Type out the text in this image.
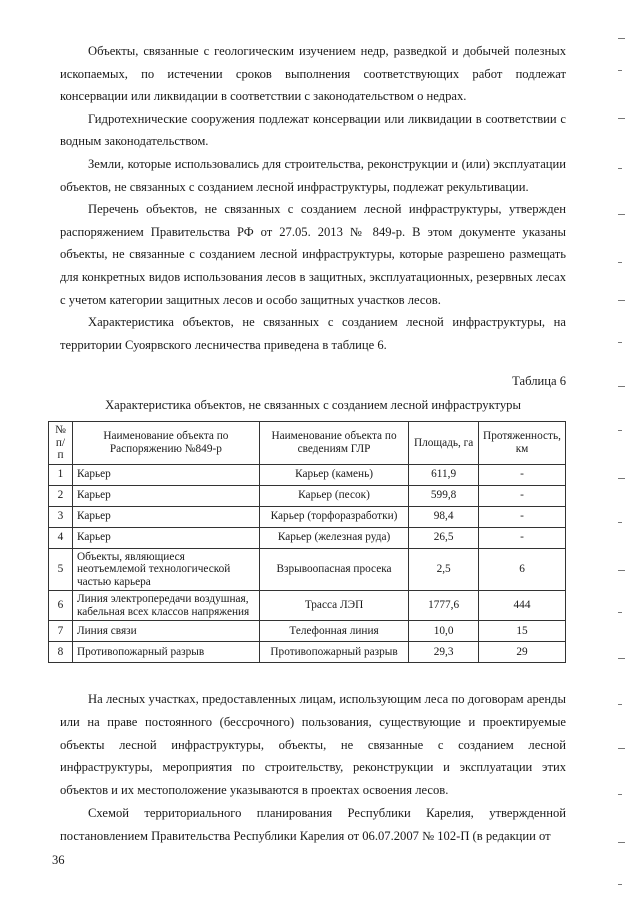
Объекты, связанные с геологическим изучением недр, разведкой и добычей полезных ископаемых, по истечении сроков выполнения соответствующих работ подлежат консервации или ликвидации в соответствии с законодательством о недрах.

Гидротехнические сооружения подлежат консервации или ликвидации в соответствии с водным законодательством.

Земли, которые использовались для строительства, реконструкции и (или) эксплуатации объектов, не связанных с созданием лесной инфраструктуры, подлежат рекультивации.

Перечень объектов, не связанных с созданием лесной инфраструктуры, утвержден распоряжением Правительства РФ от 27.05. 2013 № 849-р. В этом документе указаны объекты, не связанные с созданием лесной инфраструктуры, которые разрешено размещать для конкретных видов использования лесов в защитных, эксплуатационных, резервных лесах с учетом категории защитных лесов и особо защитных участков лесов.

Характеристика объектов, не связанных с созданием лесной инфраструктуры, на территории Суоярвского лесничества приведена в таблице 6.

Таблица 6
Характеристика объектов, не связанных с созданием лесной инфраструктуры
№ п/п	Наименование объекта по Распоряжению №849-р	Наименование объекта по сведениям ГЛР	Площадь, га	Протяженность, км
1	Карьер	Карьер (камень)	611,9	-
2	Карьер	Карьер (песок)	599,8	-
3	Карьер	Карьер (торфоразработки)	98,4	-
4	Карьер	Карьер (железная руда)	26,5	-
5	Объекты, являющиеся неотъемлемой технологической частью карьера	Взрывоопасная просека	2,5	6
6	Линия электропередачи воздушная, кабельная всех классов напряжения	Трасса ЛЭП	1777,6	444
7	Линия связи	Телефонная линия	10,0	15
8	Противопожарный разрыв	Противопожарный разрыв	29,3	29

На лесных участках, предоставленных лицам, использующим леса по договорам аренды или на праве постоянного (бессрочного) пользования, существующие и проектируемые объекты лесной инфраструктуры, объекты, не связанные с созданием лесной инфраструктуры, мероприятия по строительству, реконструкции и эксплуатации этих объектов и их местоположение указываются в проектах освоения лесов.

Схемой территориального планирования Республики Карелия, утвержденной постановлением Правительства Республики Карелия от 06.07.2007 № 102-П (в редакции от

36
